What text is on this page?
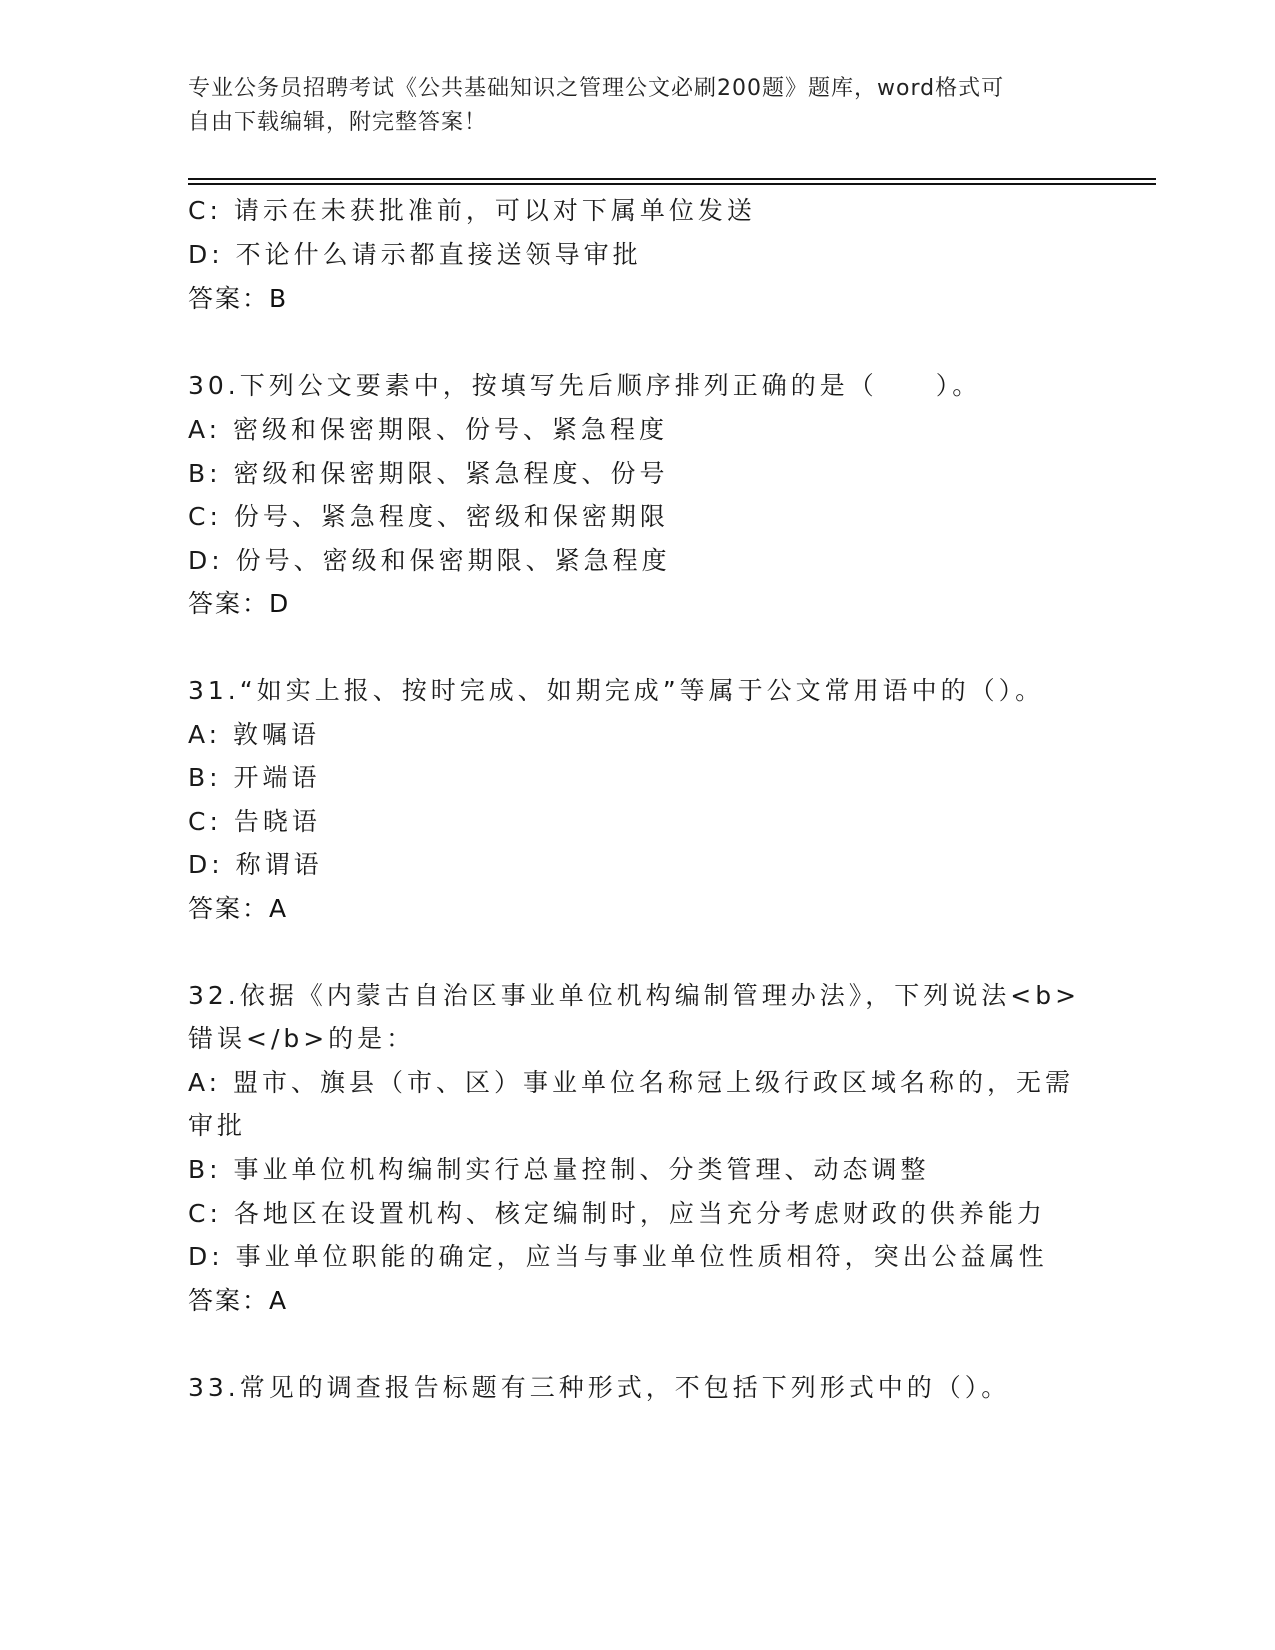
专业公务员招聘考试《公共基础知识之管理公文必刷200题》题库，word格式可
自由下载编辑，附完整答案！
C: 请示在未获批准前，可以对下属单位发送
D: 不论什么请示都直接送领导审批
答案：B
30.下列公文要素中，按填写先后顺序排列正确的是（　　）。
A: 密级和保密期限、份号、紧急程度
B: 密级和保密期限、紧急程度、份号
C: 份号、紧急程度、密级和保密期限
D: 份号、密级和保密期限、紧急程度
答案：D
31.“如实上报、按时完成、如期完成”等属于公文常用语中的（）。
A: 敦嘱语
B: 开端语
C: 告晓语
D: 称谓语
答案：A
32.依据《内蒙古自治区事业单位机构编制管理办法》，下列说法<b>
错误</b>的是：
A: 盟市、旗县（市、区）事业单位名称冠上级行政区域名称的，无需
审批
B: 事业单位机构编制实行总量控制、分类管理、动态调整
C: 各地区在设置机构、核定编制时，应当充分考虑财政的供养能力
D: 事业单位职能的确定，应当与事业单位性质相符，突出公益属性
答案：A
33.常见的调查报告标题有三种形式，不包括下列形式中的（）。
